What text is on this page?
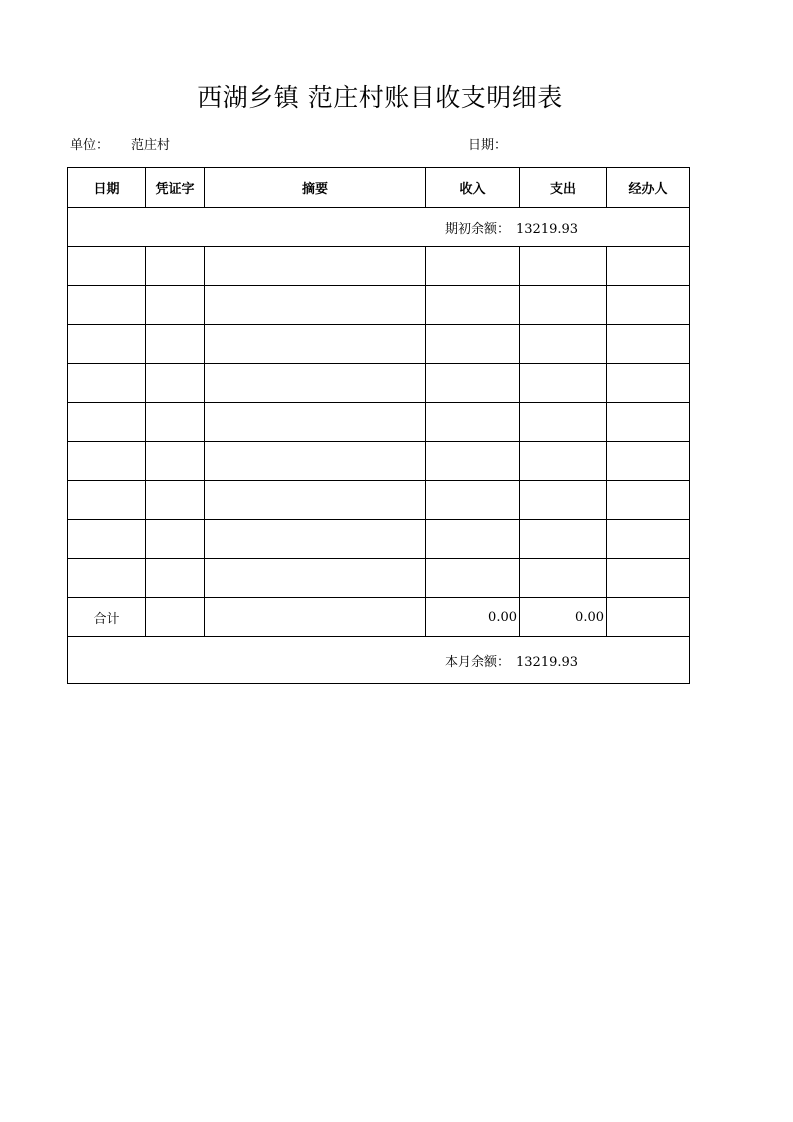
西湖乡镇 范庄村账目收支明细表
单位： 范庄村	日期：
日期	凭证字	摘要	收入	支出	经办人
期初余额： 13219.93					

合计			0.00	0.00	
本月余额： 13219.93					
